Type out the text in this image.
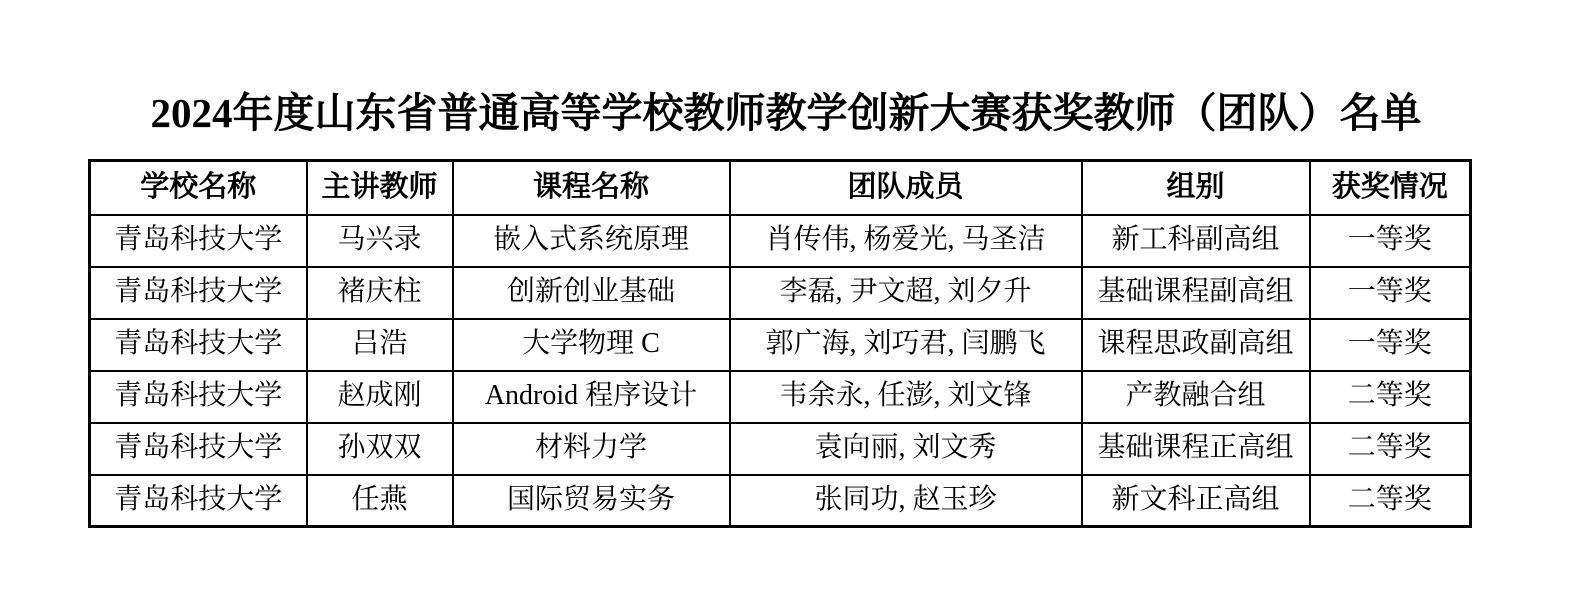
2024年度山东省普通高等学校教师教学创新大赛获奖教师（团队）名单
学校名称	主讲教师	课程名称	团队成员	组别	获奖情况
青岛科技大学	马兴录	嵌入式系统原理	肖传伟, 杨爱光, 马圣洁	新工科副高组	一等奖
青岛科技大学	褚庆柱	创新创业基础	李磊, 尹文超, 刘夕升	基础课程副高组	一等奖
青岛科技大学	吕浩	大学物理 C	郭广海, 刘巧君, 闫鹏飞	课程思政副高组	一等奖
青岛科技大学	赵成刚	Android 程序设计	韦余永, 任澎, 刘文锋	产教融合组	二等奖
青岛科技大学	孙双双	材料力学	袁向丽, 刘文秀	基础课程正高组	二等奖
青岛科技大学	任燕	国际贸易实务	张同功, 赵玉珍	新文科正高组	二等奖
